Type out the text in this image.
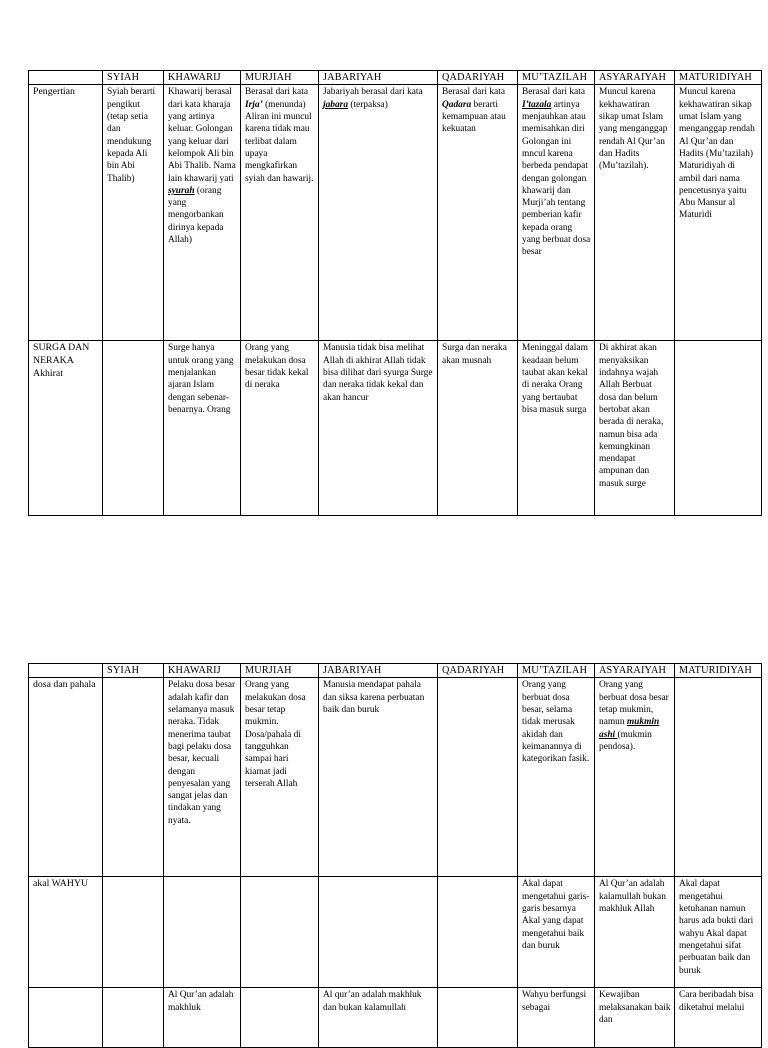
	SYIAH	KHAWARIJ	MURJIAH	JABARIYAH	QADARIYAH	MU’TAZILAH	ASYARAIYAH	MATURIDIYAH
Pengertian	Syiah berarti pengikut (tetap setia dan mendukung kepada Ali bin Abi Thalib)	Khawarij berasal dari kata kharaja yang artinya keluar. Golongan yang keluar dari kelompok Ali bin Abi Thalib. Nama lain khawarij yati syurah (orang yang mengorbankan dirinya kepada Allah)	Berasal dari kata Irja’ (menunda) Aliran ini muncul karena tidak mau terlibat dalam upaya mengkafirkan syiah dan hawarij.	Jabariyah berasal dari kata jabara (terpaksa)	Berasal dari kata Qadara berarti kemampuan atau kekuatan	Berasal dari kata I’tazala artinya menjauhkan atau memisahkan diri Golongan ini mncul karena berbeda pendapat dengan golongan khawarij dan Murji’ah tentang pemberian kafir kepada orang yang berbuat dosa besar	Muncul karena kekhawatiran sikap umat Islam yang menganggap rendah Al Qur’an dan Hadits (Mu’tazilah).	Muncul karena kekhawatiran sikap umat Islam yang menganggap rendah Al Qur’an dan Hadits (Mu’tazilah) Maturidiyah di ambil dari nama pencetusnya yaitu Abu Mansur al Maturidi
SURGA DAN NERAKA Akhirat		Surge hanya untuk orang yang menjalankan ajaran Islam dengan sebenar-benarnya. Orang	Orang yang melakukan dosa besar tidak kekal di neraka	Manusia tidak bisa melihat Allah di akhirat Allah tidak bisa dilihat dari syurga Surge dan neraka tidak kekal dan akan hancur	Surga dan neraka akan musnah	Meninggal dalam keadaan belum taubat akan kekal di neraka Orang yang bertaubat bisa masuk surga	Di akhirat akan menyaksikan indahnya wajah Allah Berbuat dosa dan belum bertobat akan berada di neraka, namun bisa ada kemungkinan mendapat ampunan dan masuk surge	
	SYIAH	KHAWARIJ	MURJIAH	JABARIYAH	QADARIYAH	MU’TAZILAH	ASYARAIYAH	MATURIDIYAH
dosa dan pahala		Pelaku dosa besar adalah kafir dan selamanya masuk neraka. Tidak menerima taubat bagi pelaku dosa besar, kecuali dengan penyesalan yang sangat jelas dan tindakan yang nyata.	Orang yang melakukan dosa besar tetap mukmin. Dosa/pahala di tangguhkan sampai hari kiamat jadi terserah Allah	Manusia mendapat pahala dan siksa karena perbuatan baik dan buruk		Orang yang berbuat dosa besar, selama tidak merusak akidah dan keimanannya di kategorikan fasik.	Orang yang berbuat dosa besar tetap mukmin, namun mukmin ashi (mukmin pendosa).	
akal WAHYU						Akal dapat mengetahui garis-garis besarnya Akal yang dapat mengetahui baik dan buruk	Al Qur’an adalah kalamullah bukan makhluk Allah	Akal dapat mengetahui ketuhanan namun harus ada bukti dari wahyu Akal dapat mengetahui sifat perbuatan baik dan buruk
		Al Qur’an adalah makhluk		Al qur’an adalah makhluk dan bukan kalamullah		Wahyu berfungsi sebagai	Kewajiban melaksanakan baik dan	Cara beribadah bisa diketahui melalui
